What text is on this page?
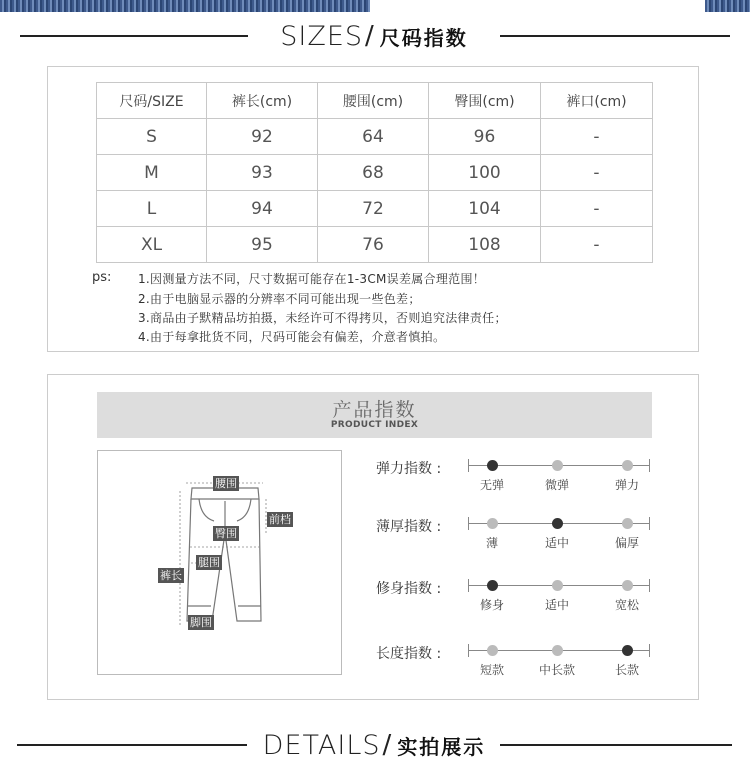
SIZES / 尺码指数
尺码/SIZE	裤长(cm)	腰围(cm)	臀围(cm)	裤口(cm)
S	92	64	96	-
M	93	68	100	-
L	94	72	104	-
XL	95	76	108	-
ps: 1.因测量方法不同，尺寸数据可能存在1-3CM误差属合理范围！
2.由于电脑显示器的分辨率不同可能出现一些色差；
3.商品由子默精品坊拍摄，未经许可不得拷贝，否则追究法律责任；
4.由于每拿批货不同，尺码可能会有偏差，介意者慎拍。
产品指数
PRODUCT INDEX
腰围
前档
臀围
腿围
裤长
脚围
弹力指数 :
无弹	微弹	弹力
薄厚指数 :
薄	适中	偏厚
修身指数 :
修身	适中	宽松
长度指数 :
短款	中长款	长款
DETAILS / 实拍展示
